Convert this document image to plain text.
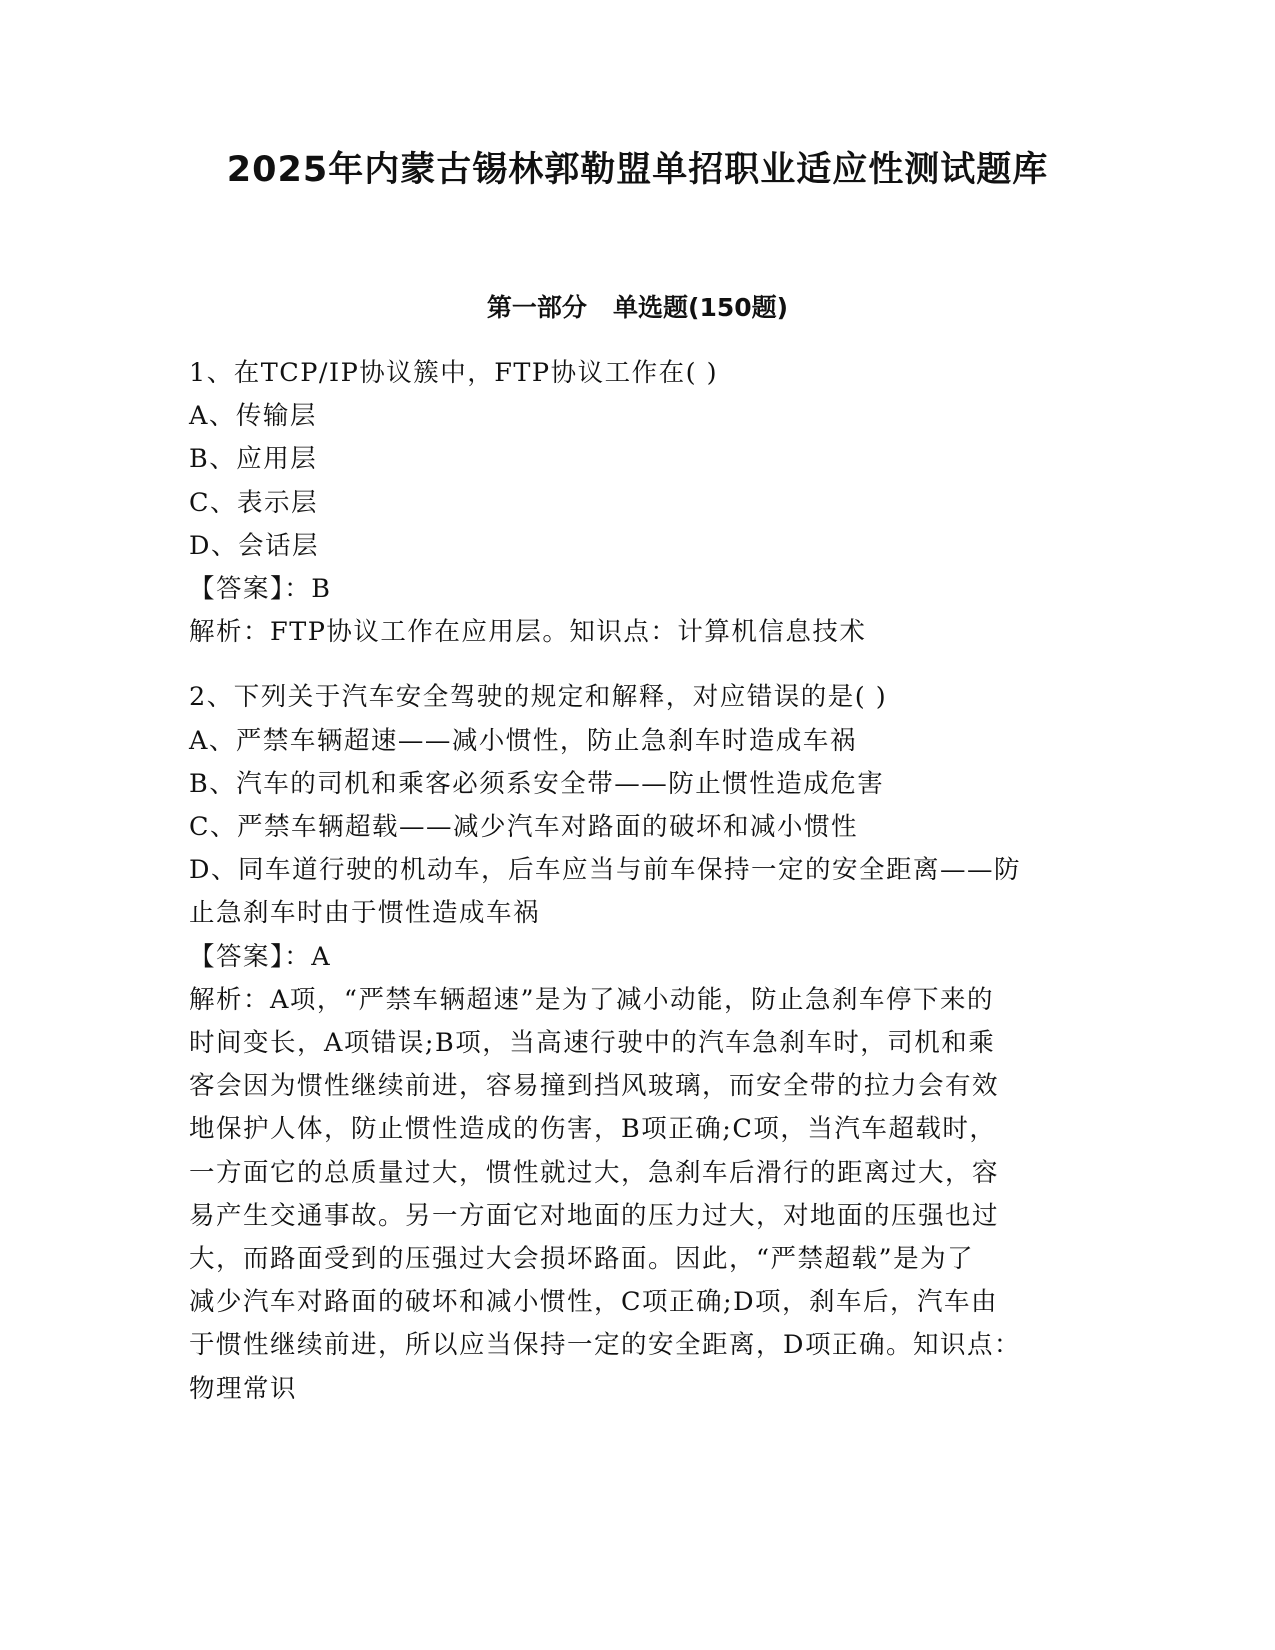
2025年内蒙古锡林郭勒盟单招职业适应性测试题库
第一部分   单选题(150题)

1、在TCP/IP协议簇中，FTP协议工作在( )

A、传输层

B、应用层

C、表示层

D、会话层

【答案】：B

解析：FTP协议工作在应用层。知识点：计算机信息技术

2、下列关于汽车安全驾驶的规定和解释，对应错误的是( )

A、严禁车辆超速——减小惯性，防止急刹车时造成车祸

B、汽车的司机和乘客必须系安全带——防止惯性造成危害

C、严禁车辆超载——减少汽车对路面的破坏和减小惯性

D、同车道行驶的机动车，后车应当与前车保持一定的安全距离——防

止急刹车时由于惯性造成车祸

【答案】：A

解析：A项，“严禁车辆超速”是为了减小动能，防止急刹车停下来的

时间变长，A项错误;B项，当高速行驶中的汽车急刹车时，司机和乘

客会因为惯性继续前进，容易撞到挡风玻璃，而安全带的拉力会有效

地保护人体，防止惯性造成的伤害，B项正确;C项，当汽车超载时，

一方面它的总质量过大，惯性就过大，急刹车后滑行的距离过大，容

易产生交通事故。另一方面它对地面的压力过大，对地面的压强也过

大，而路面受到的压强过大会损坏路面。因此，“严禁超载”是为了

减少汽车对路面的破坏和减小惯性，C项正确;D项，刹车后，汽车由

于惯性继续前进，所以应当保持一定的安全距离，D项正确。知识点：

物理常识
